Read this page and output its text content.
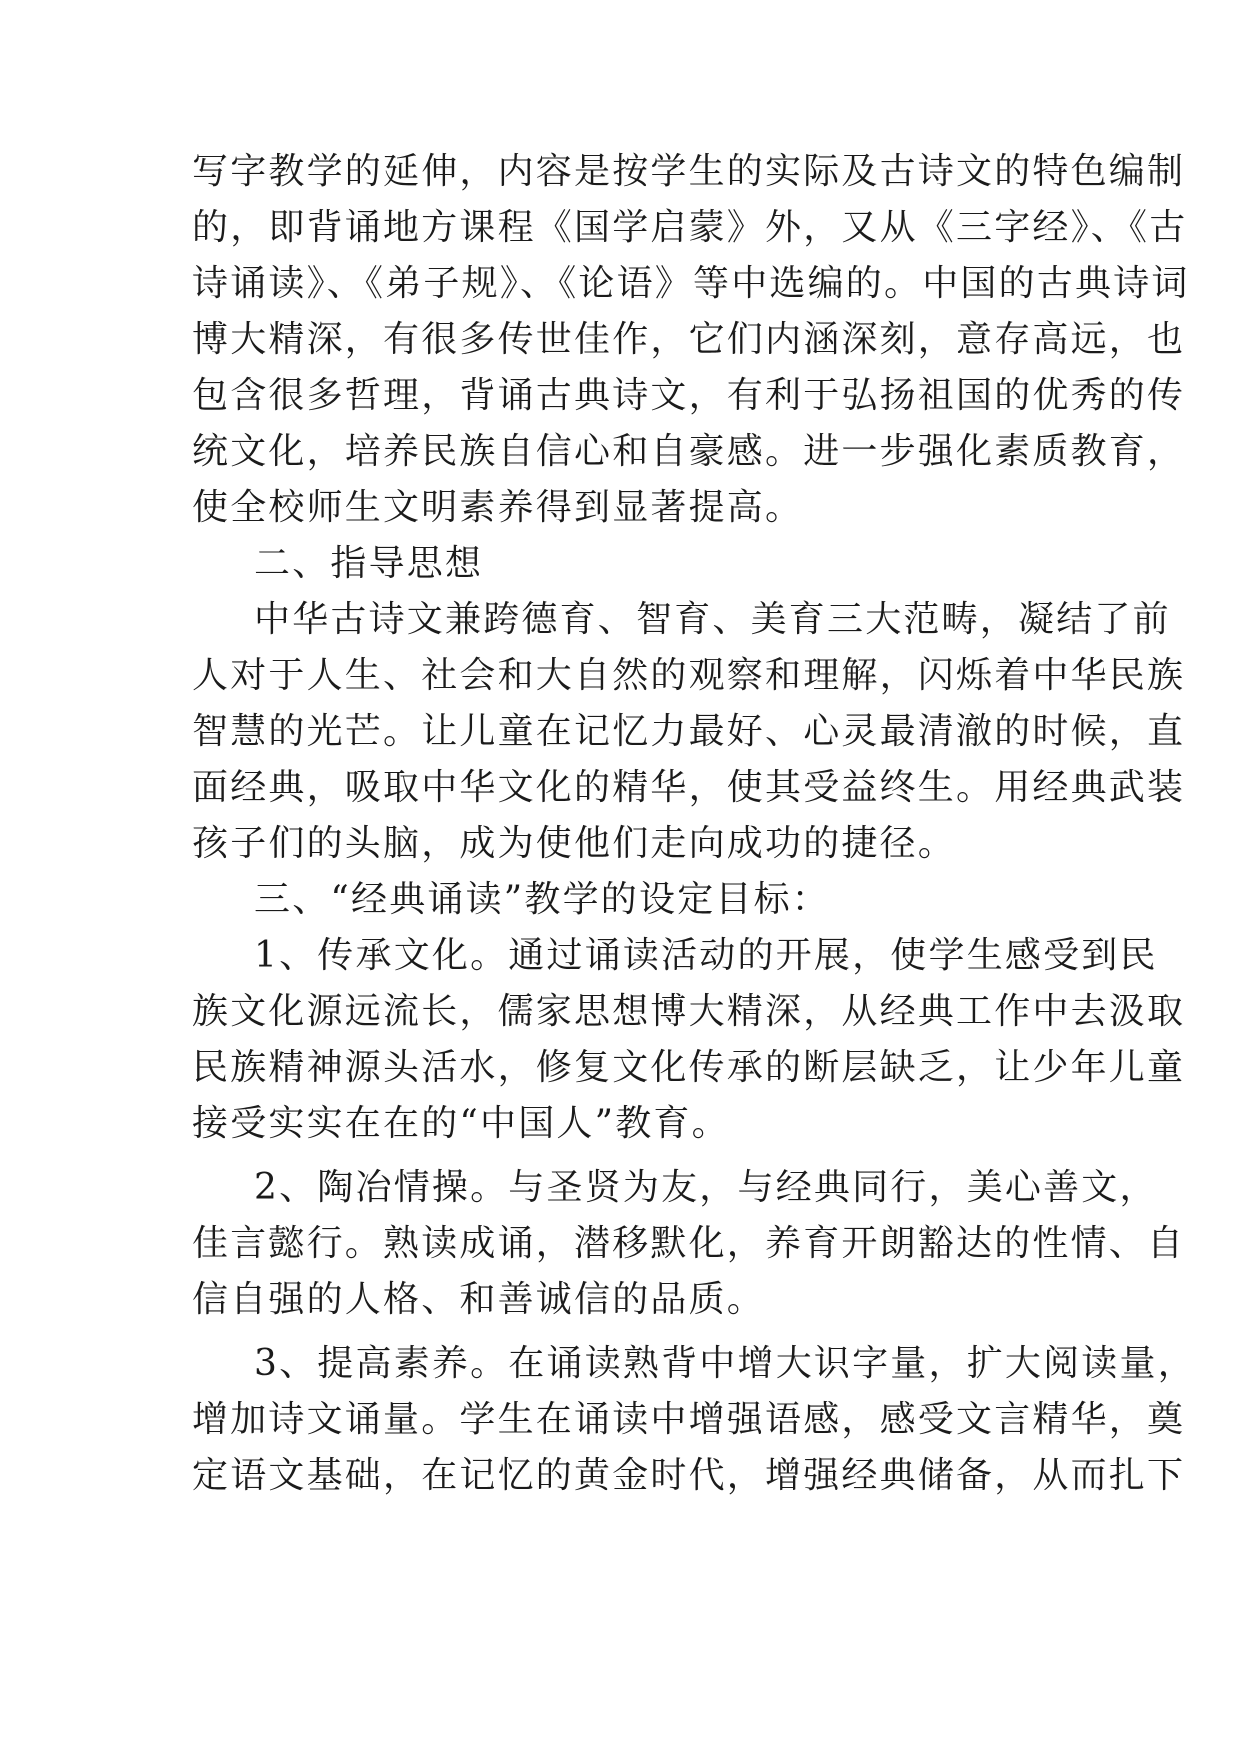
写字教学的延伸，内容是按学生的实际及古诗文的特色编制
的，即背诵地方课程《国学启蒙》外，又从《三字经》、《古
诗诵读》、《弟子规》、《论语》等中选编的。中国的古典诗词
博大精深，有很多传世佳作，它们内涵深刻，意存高远，也
包含很多哲理，背诵古典诗文，有利于弘扬祖国的优秀的传
统文化，培养民族自信心和自豪感。进一步强化素质教育，
使全校师生文明素养得到显著提高。
二、指导思想
中华古诗文兼跨德育、智育、美育三大范畴，凝结了前
人对于人生、社会和大自然的观察和理解，闪烁着中华民族
智慧的光芒。让儿童在记忆力最好、心灵最清澈的时候，直
面经典，吸取中华文化的精华，使其受益终生。用经典武装
孩子们的头脑，成为使他们走向成功的捷径。
三、“经典诵读”教学的设定目标：
1、传承文化。通过诵读活动的开展，使学生感受到民
族文化源远流长，儒家思想博大精深，从经典工作中去汲取
民族精神源头活水，修复文化传承的断层缺乏，让少年儿童
接受实实在在的“中国人”教育。
2、陶冶情操。与圣贤为友，与经典同行，美心善文，
佳言懿行。熟读成诵，潜移默化，养育开朗豁达的性情、自
信自强的人格、和善诚信的品质。
3、提高素养。在诵读熟背中增大识字量，扩大阅读量，
增加诗文诵量。学生在诵读中增强语感，感受文言精华，奠
定语文基础，在记忆的黄金时代，增强经典储备，从而扎下
